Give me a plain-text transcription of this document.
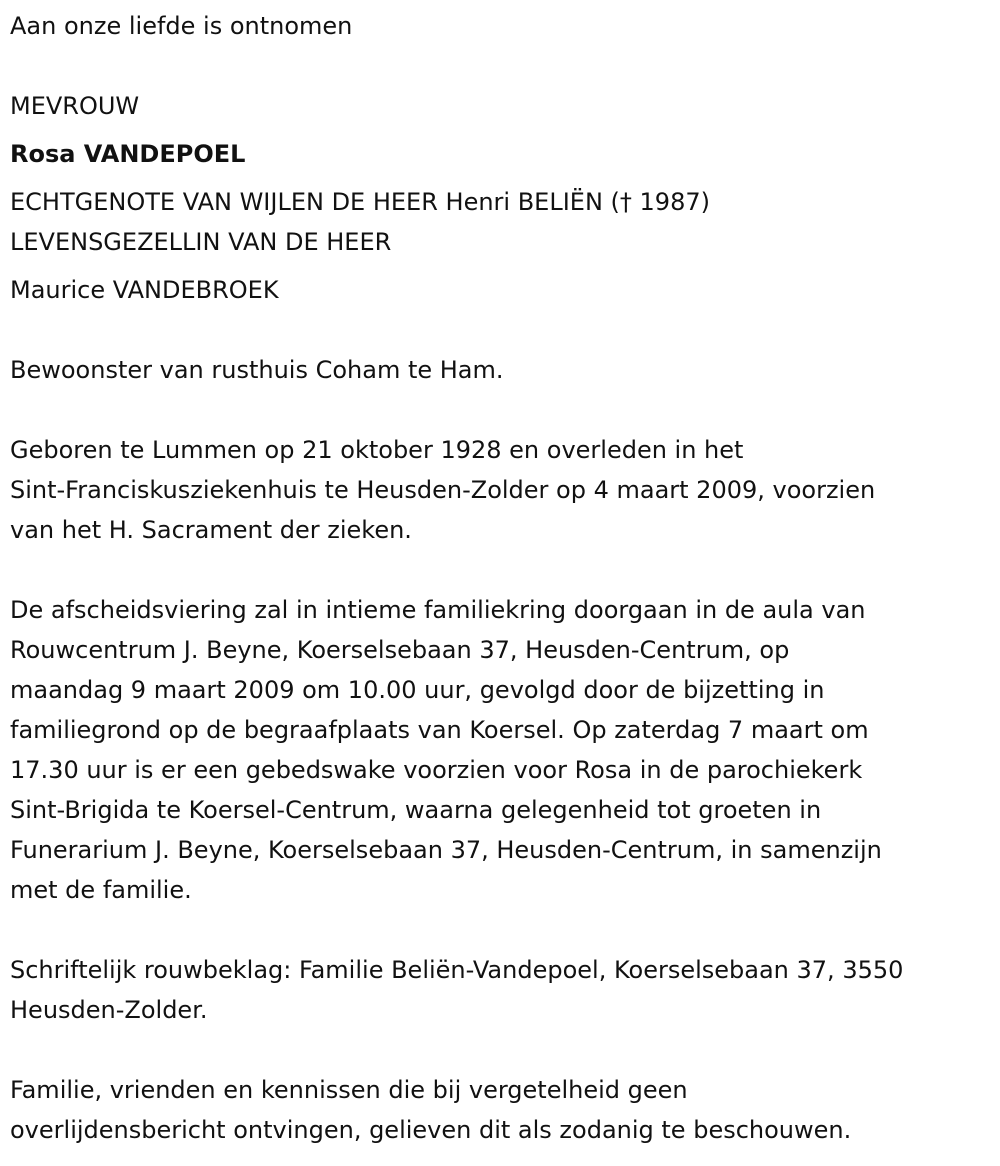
Aan onze liefde is ontnomen
MEVROUW
Rosa VANDEPOEL
ECHTGENOTE VAN WIJLEN DE HEER Henri BELIËN († 1987)
LEVENSGEZELLIN VAN DE HEER
Maurice VANDEBROEK
Bewoonster van rusthuis Coham te Ham.
Geboren te Lummen op 21 oktober 1928 en overleden in het
Sint-Franciskusziekenhuis te Heusden-Zolder op 4 maart 2009, voorzien
van het H. Sacrament der zieken.
De afscheidsviering zal in intieme familiekring doorgaan in de aula van
Rouwcentrum J. Beyne, Koerselsebaan 37, Heusden-Centrum, op
maandag 9 maart 2009 om 10.00 uur, gevolgd door de bijzetting in
familiegrond op de begraafplaats van Koersel. Op zaterdag 7 maart om
17.30 uur is er een gebedswake voorzien voor Rosa in de parochiekerk
Sint-Brigida te Koersel-Centrum, waarna gelegenheid tot groeten in
Funerarium J. Beyne, Koerselsebaan 37, Heusden-Centrum, in samenzijn
met de familie.
Schriftelijk rouwbeklag: Familie Beliën-Vandepoel, Koerselsebaan 37, 3550
Heusden-Zolder.
Familie, vrienden en kennissen die bij vergetelheid geen
overlijdensbericht ontvingen, gelieven dit als zodanig te beschouwen.
